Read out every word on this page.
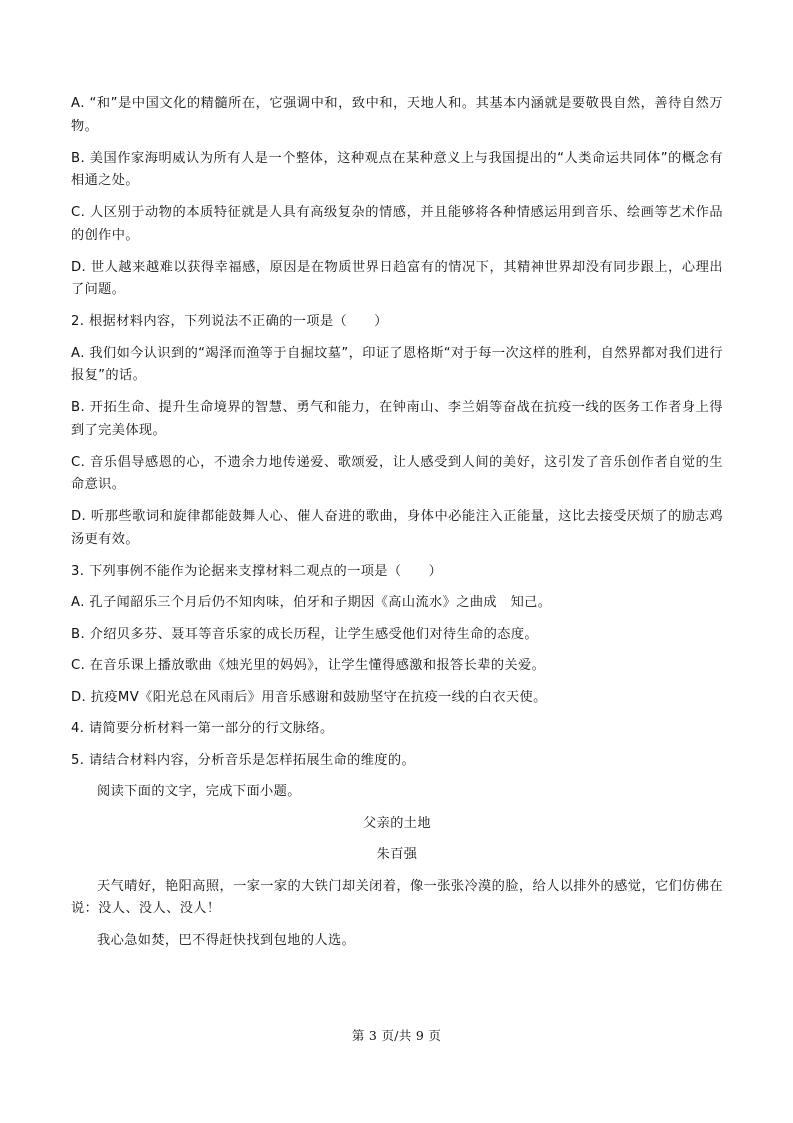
A. “和”是中国文化的精髓所在，它强调中和，致中和，天地人和。其基本内涵就是要敬畏自然，善待自然万物。

B. 美国作家海明威认为所有人是一个整体，这种观点在某种意义上与我国提出的“人类命运共同体”的概念有相通之处。

C. 人区别于动物的本质特征就是人具有高级复杂的情感，并且能够将各种情感运用到音乐、绘画等艺术作品的创作中。

D. 世人越来越难以获得幸福感，原因是在物质世界日趋富有的情况下，其精神世界却没有同步跟上，心理出了问题。

2. 根据材料内容，下列说法不正确的一项是（　　）

A. 我们如今认识到的“竭泽而渔等于自掘坟墓”，印证了恩格斯“对于每一次这样的胜利，自然界都对我们进行报复”的话。

B. 开拓生命、提升生命境界的智慧、勇气和能力，在钟南山、李兰娟等奋战在抗疫一线的医务工作者身上得到了完美体现。

C. 音乐倡导感恩的心，不遗余力地传递爱、歌颂爱，让人感受到人间的美好，这引发了音乐创作者自觉的生命意识。

D. 听那些歌词和旋律都能鼓舞人心、催人奋进的歌曲，身体中必能注入正能量，这比去接受厌烦了的励志鸡汤更有效。

3. 下列事例不能作为论据来支撑材料二观点的一项是（　　）

A. 孔子闻韶乐三个月后仍不知肉味，伯牙和子期因《高山流水》之曲成　知己。

B. 介绍贝多芬、聂耳等音乐家的成长历程，让学生感受他们对待生命的态度。

C. 在音乐课上播放歌曲《烛光里的妈妈》，让学生懂得感激和报答长辈的关爱。

D. 抗疫MV《阳光总在风雨后》用音乐感谢和鼓励坚守在抗疫一线的白衣天使。

4. 请简要分析材料一第一部分的行文脉络。

5. 请结合材料内容，分析音乐是怎样拓展生命的维度的。

阅读下面的文字，完成下面小题。

父亲的土地

朱百强

天气晴好，艳阳高照，一家一家的大铁门却关闭着，像一张张冷漠的脸，给人以排外的感觉，它们仿佛在说：没人、没人、没人！

我心急如焚，巴不得赶快找到包地的人选。

第 3 页/共 9 页
